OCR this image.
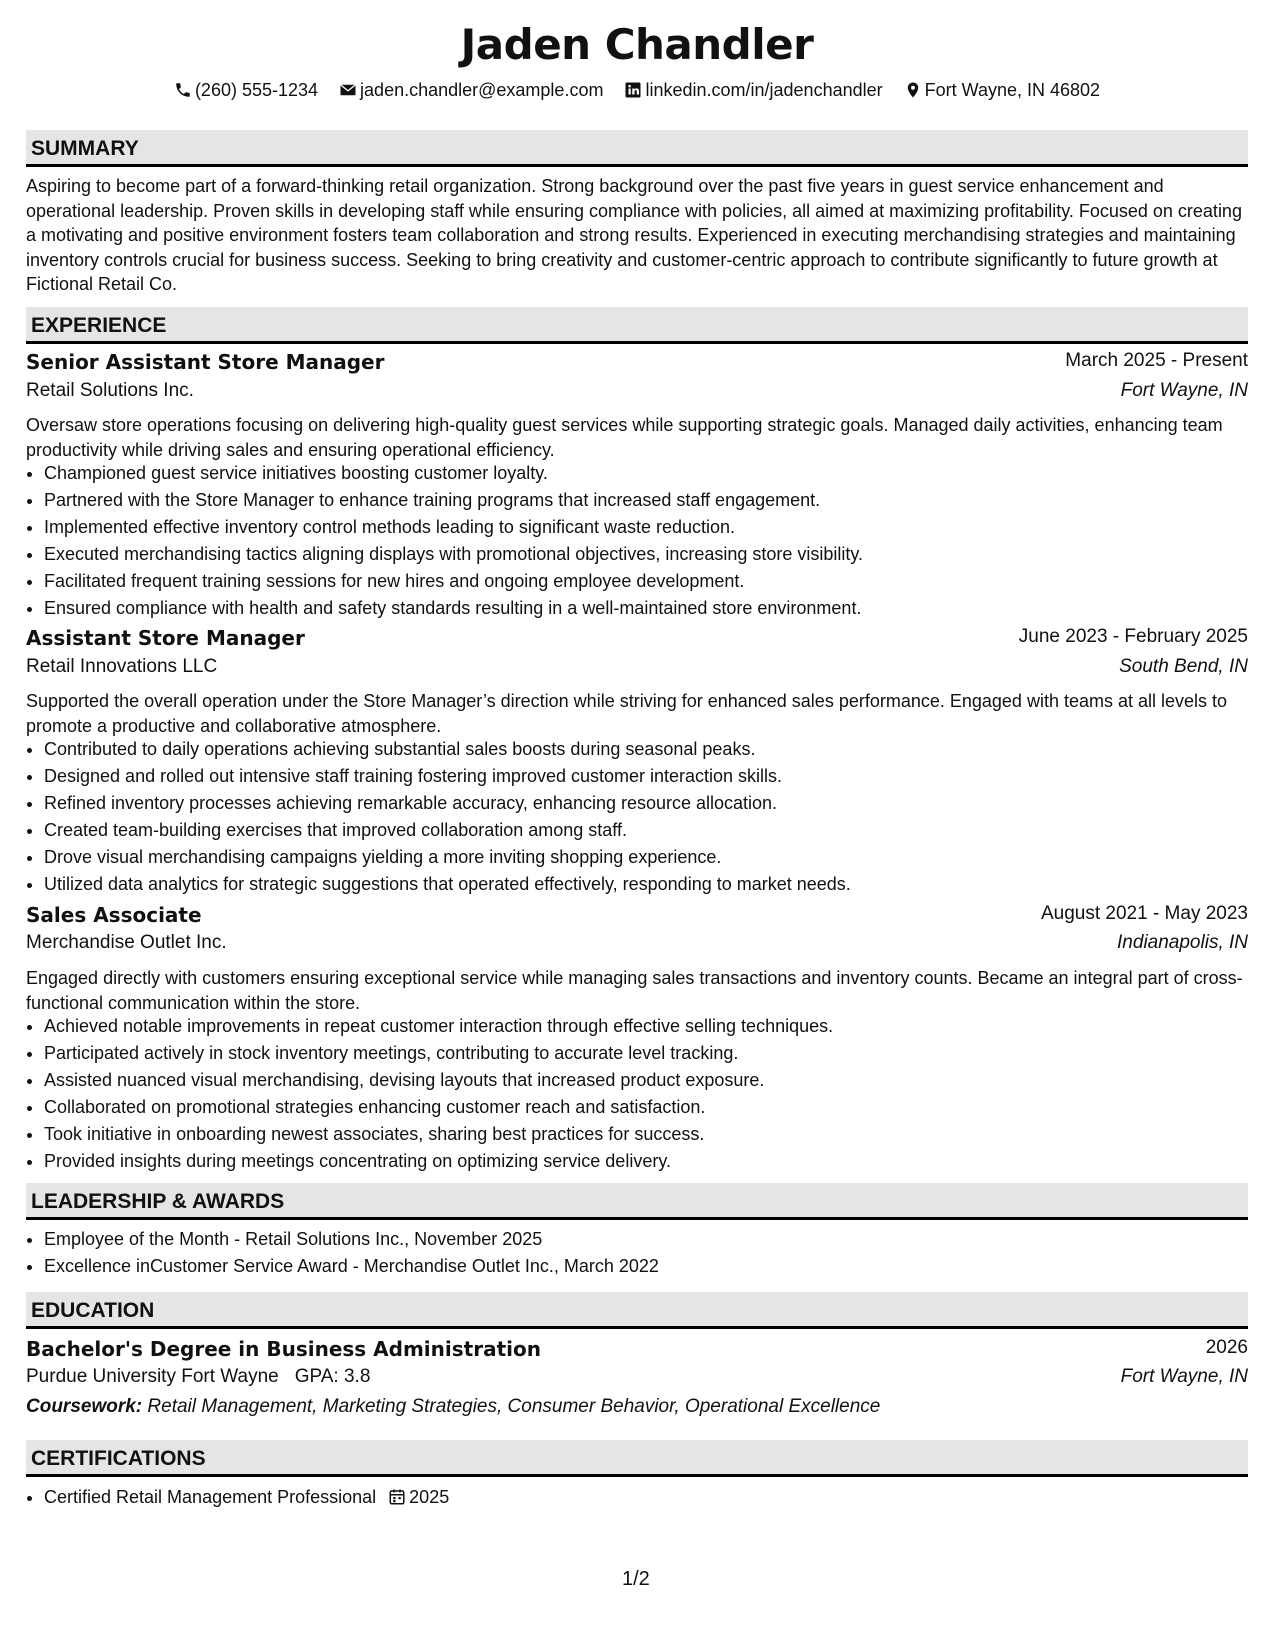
Jaden Chandler
(260) 555-1234 jaden.chandler@example.com linkedin.com/in/jadenchandler Fort Wayne, IN 46802
SUMMARY
Aspiring to become part of a forward-thinking retail organization. Strong background over the past five years in guest service enhancement and operational leadership. Proven skills in developing staff while ensuring compliance with policies, all aimed at maximizing profitability. Focused on creating a motivating and positive environment fosters team collaboration and strong results. Experienced in executing merchandising strategies and maintaining inventory controls crucial for business success. Seeking to bring creativity and customer-centric approach to contribute significantly to future growth at Fictional Retail Co.
EXPERIENCE
Senior Assistant Store Manager	March 2025 - Present
Retail Solutions Inc.	Fort Wayne, IN
Oversaw store operations focusing on delivering high-quality guest services while supporting strategic goals. Managed daily activities, enhancing team productivity while driving sales and ensuring operational efficiency.
• Championed guest service initiatives boosting customer loyalty.
• Partnered with the Store Manager to enhance training programs that increased staff engagement.
• Implemented effective inventory control methods leading to significant waste reduction.
• Executed merchandising tactics aligning displays with promotional objectives, increasing store visibility.
• Facilitated frequent training sessions for new hires and ongoing employee development.
• Ensured compliance with health and safety standards resulting in a well-maintained store environment.
Assistant Store Manager	June 2023 - February 2025
Retail Innovations LLC	South Bend, IN
Supported the overall operation under the Store Manager’s direction while striving for enhanced sales performance. Engaged with teams at all levels to promote a productive and collaborative atmosphere.
• Contributed to daily operations achieving substantial sales boosts during seasonal peaks.
• Designed and rolled out intensive staff training fostering improved customer interaction skills.
• Refined inventory processes achieving remarkable accuracy, enhancing resource allocation.
• Created team-building exercises that improved collaboration among staff.
• Drove visual merchandising campaigns yielding a more inviting shopping experience.
• Utilized data analytics for strategic suggestions that operated effectively, responding to market needs.
Sales Associate	August 2021 - May 2023
Merchandise Outlet Inc.	Indianapolis, IN
Engaged directly with customers ensuring exceptional service while managing sales transactions and inventory counts. Became an integral part of cross-functional communication within the store.
• Achieved notable improvements in repeat customer interaction through effective selling techniques.
• Participated actively in stock inventory meetings, contributing to accurate level tracking.
• Assisted nuanced visual merchandising, devising layouts that increased product exposure.
• Collaborated on promotional strategies enhancing customer reach and satisfaction.
• Took initiative in onboarding newest associates, sharing best practices for success.
• Provided insights during meetings concentrating on optimizing service delivery.
LEADERSHIP & AWARDS
• Employee of the Month - Retail Solutions Inc., November 2025
• Excellence inCustomer Service Award - Merchandise Outlet Inc., March 2022
EDUCATION
Bachelor's Degree in Business Administration	2026
Purdue University Fort Wayne GPA: 3.8	Fort Wayne, IN
Coursework: Retail Management, Marketing Strategies, Consumer Behavior, Operational Excellence
CERTIFICATIONS
• Certified Retail Management Professional 2025
1/2
